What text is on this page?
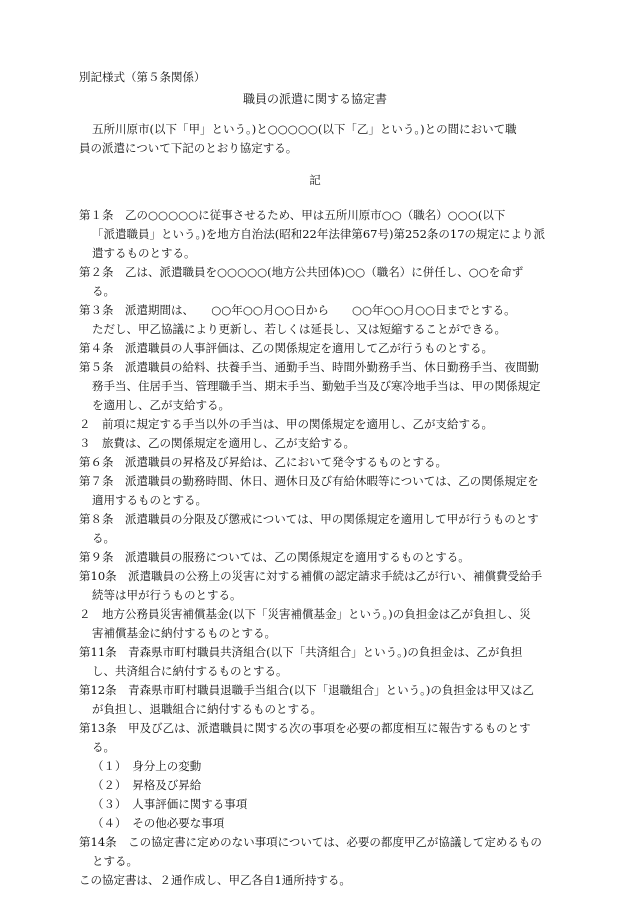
別記様式（第５条関係）
職員の派遣に関する協定書
五所川原市(以下「甲」という。)と○○○○○(以下「乙」という。)との間において職
員の派遣について下記のとおり協定する。
記
第１条　乙の○○○○○に従事させるため、甲は五所川原市○○（職名）○○○(以下
「派遣職員」という。)を地方自治法(昭和22年法律第67号)第252条の17の規定により派
遣するものとする。
第２条　乙は、派遣職員を○○○○○(地方公共団体)○○（職名）に併任し、○○を命ず
る。
第３条　派遣期間は、　　○○年○○月○○日から　　○○年○○月○○日までとする。
ただし、甲乙協議により更新し、若しくは延長し、又は短縮することができる。
第４条　派遣職員の人事評価は、乙の関係規定を適用して乙が行うものとする。
第５条　派遣職員の給料、扶養手当、通勤手当、時間外勤務手当、休日勤務手当、夜間勤
務手当、住居手当、管理職手当、期末手当、勤勉手当及び寒冷地手当は、甲の関係規定
を適用し、乙が支給する。
２　前項に規定する手当以外の手当は、甲の関係規定を適用し、乙が支給する。
３　旅費は、乙の関係規定を適用し、乙が支給する。
第６条　派遣職員の昇格及び昇給は、乙において発令するものとする。
第７条　派遣職員の勤務時間、休日、週休日及び有給休暇等については、乙の関係規定を
適用するものとする。
第８条　派遣職員の分限及び懲戒については、甲の関係規定を適用して甲が行うものとす
る。
第９条　派遣職員の服務については、乙の関係規定を適用するものとする。
第10条　派遣職員の公務上の災害に対する補償の認定請求手続は乙が行い、補償費受給手
続等は甲が行うものとする。
２　地方公務員災害補償基金(以下「災害補償基金」という。)の負担金は乙が負担し、災
害補償基金に納付するものとする。
第11条　青森県市町村職員共済組合(以下「共済組合」という。)の負担金は、乙が負担
し、共済組合に納付するものとする。
第12条　青森県市町村職員退職手当組合(以下「退職組合」という。)の負担金は甲又は乙
が負担し、退職組合に納付するものとする。
第13条　甲及び乙は、派遣職員に関する次の事項を必要の都度相互に報告するものとす
る。
（１）　身分上の変動
（２）　昇格及び昇給
（３）　人事評価に関する事項
（４）　その他必要な事項
第14条　この協定書に定めのない事項については、必要の都度甲乙が協議して定めるもの
とする。
この協定書は、２通作成し、甲乙各自1通所持する。
